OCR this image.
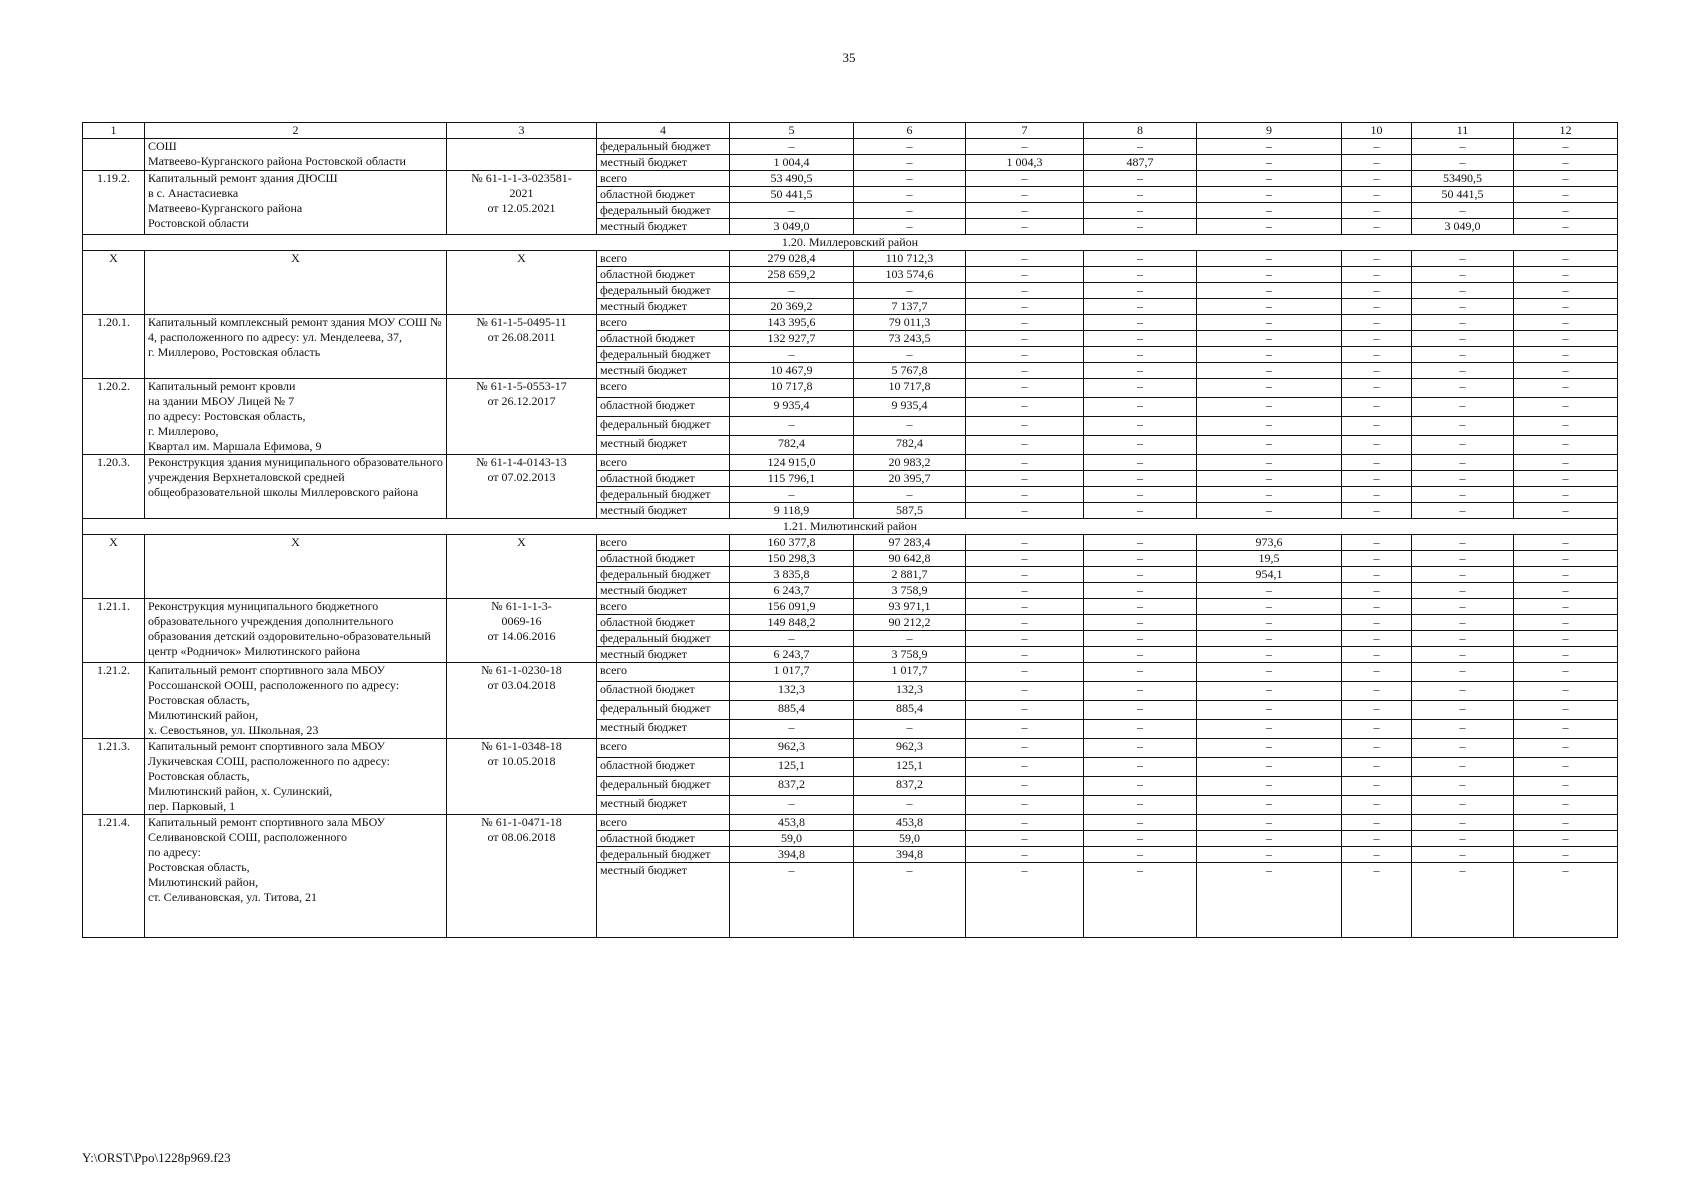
35
1	2	3	4	5	6	7	8	9	10	11	12
	СОШ
Матвеево-Курганского района Ростовской области		федеральный бюджет	–	–	–	–	–	–	–	–
			местный бюджет	1 004,4	–	1 004,3	487,7	–	–	–	–
1.19.2.	Капитальный ремонт здания ДЮСШ
в с. Анастасиевка
Матвеево-Курганского района
Ростовской области	№ 61-1-1-3-023581-
2021
от 12.05.2021	всего	53 490,5	–	–	–	–	–	53490,5	–
			областной бюджет	50 441,5	–	–	–	–	–	50 441,5	–
			федеральный бюджет	–	–	–	–	–	–	–	–
			местный бюджет	3 049,0	–	–	–	–	–	3 049,0	–
1.20. Миллеровский район											
Х	Х	Х	всего	279 028,4	110 712,3	–	–	–	–	–	–
			областной бюджет	258 659,2	103 574,6	–	–	–	–	–	–
			федеральный бюджет	–	–	–	–	–	–	–	–
			местный бюджет	20 369,2	7 137,7	–	–	–	–	–	–
1.20.1.	Капитальный комплексный ремонт здания МОУ СОШ № 4, расположенного по адресу: ул. Менделеева, 37,
г. Миллерово, Ростовская область	№ 61-1-5-0495-11
от 26.08.2011	всего	143 395,6	79 011,3	–	–	–	–	–	–
			областной бюджет	132 927,7	73 243,5	–	–	–	–	–	–
			федеральный бюджет	–	–	–	–	–	–	–	–
			местный бюджет	10 467,9	5 767,8	–	–	–	–	–	–
1.20.2.	Капитальный ремонт кровли
на здании МБОУ Лицей № 7
по адресу: Ростовская область,
г. Миллерово,
Квартал им. Маршала Ефимова, 9	№ 61-1-5-0553-17
от 26.12.2017	всего	10 717,8	10 717,8	–	–	–	–	–	–
			областной бюджет	9 935,4	9 935,4	–	–	–	–	–	–
			федеральный бюджет	–	–	–	–	–	–	–	–
			местный бюджет	782,4	782,4	–	–	–	–	–	–
1.20.3.	Реконструкция здания муниципального образовательного учреждения Верхнеталовской средней общеобразовательной школы Миллеровского района	№ 61-1-4-0143-13
от 07.02.2013	всего	124 915,0	20 983,2	–	–	–	–	–	–
			областной бюджет	115 796,1	20 395,7	–	–	–	–	–	–
			федеральный бюджет	–	–	–	–	–	–	–	–
			местный бюджет	9 118,9	587,5	–	–	–	–	–	–
1.21. Милютинский район											
Х	Х	Х	всего	160 377,8	97 283,4	–	–	973,6	–	–	–
			областной бюджет	150 298,3	90 642,8	–	–	19,5	–	–	–
			федеральный бюджет	3 835,8	2 881,7	–	–	954,1	–	–	–
			местный бюджет	6 243,7	3 758,9	–	–	–	–	–	–
1.21.1.	Реконструкция муниципального бюджетного образовательного учреждения дополнительного образования детский оздоровительно-образовательный центр «Родничок» Милютинского района	№ 61-1-1-3-
0069-16
от 14.06.2016	всего	156 091,9	93 971,1	–	–	–	–	–	–
			областной бюджет	149 848,2	90 212,2	–	–	–	–	–	–
			федеральный бюджет	–	–	–	–	–	–	–	–
			местный бюджет	6 243,7	3 758,9	–	–	–	–	–	–
1.21.2.	Капитальный ремонт спортивного зала МБОУ Россошанской ООШ, расположенного по адресу:
Ростовская область,
Милютинский район,
х. Севостьянов, ул. Школьная, 23	№ 61-1-0230-18
от 03.04.2018	всего	1 017,7	1 017,7	–	–	–	–	–	–
			областной бюджет	132,3	132,3	–	–	–	–	–	–
			федеральный бюджет	885,4	885,4	–	–	–	–	–	–
			местный бюджет	–	–	–	–	–	–	–	–
1.21.3.	Капитальный ремонт спортивного зала МБОУ Лукичевская СОШ, расположенного по адресу: Ростовская область,
Милютинский район, х. Сулинский,
пер. Парковый, 1	№ 61-1-0348-18
от 10.05.2018	всего	962,3	962,3	–	–	–	–	–	–
			областной бюджет	125,1	125,1	–	–	–	–	–	–
			федеральный бюджет	837,2	837,2	–	–	–	–	–	–
			местный бюджет	–	–	–	–	–	–	–	–
1.21.4.	Капитальный ремонт спортивного зала МБОУ Селивановской СОШ, расположенного
по адресу:
Ростовская область,
Милютинский район,
ст. Селивановская, ул. Титова, 21	№ 61-1-0471-18
от 08.06.2018	всего	453,8	453,8	–	–	–	–	–	–
			областной бюджет	59,0	59,0	–	–	–	–	–	–
			федеральный бюджет	394,8	394,8	–	–	–	–	–	–
			местный бюджет	–	–	–	–	–	–	–	–
Y:\ORST\Ppo\1228p969.f23
